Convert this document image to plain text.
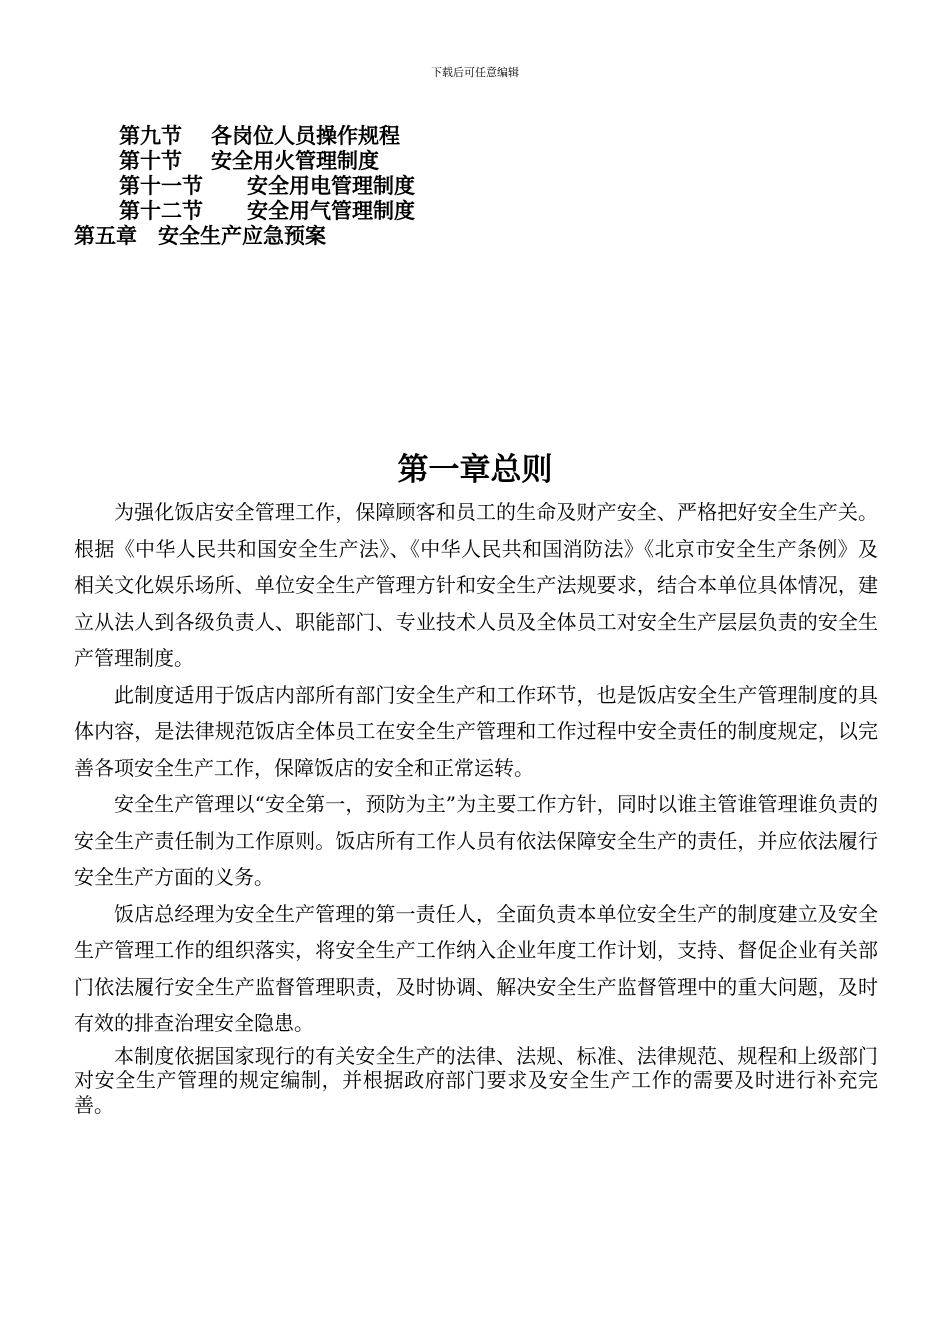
下载后可任意编辑
第九节	各岗位人员操作规程
第十节	安全用火管理制度
第十一节	安全用电管理制度
第十二节	安全用气管理制度
第五章	安全生产应急预案
第一章总则

为强化饭店安全管理工作，保障顾客和员工的生命及财产安全、严格把好安全生产关。根据《中华人民共和国安全生产法》、《中华人民共和国消防法》《北京市安全生产条例》及相关文化娱乐场所、单位安全生产管理方针和安全生产法规要求，结合本单位具体情况，建立从法人到各级负责人、职能部门、专业技术人员及全体员工对安全生产层层负责的安全生产管理制度。

此制度适用于饭店内部所有部门安全生产和工作环节，也是饭店安全生产管理制度的具体内容，是法律规范饭店全体员工在安全生产管理和工作过程中安全责任的制度规定，以完善各项安全生产工作，保障饭店的安全和正常运转。

安全生产管理以“安全第一，预防为主”为主要工作方针，同时以谁主管谁管理谁负责的安全生产责任制为工作原则。饭店所有工作人员有依法保障安全生产的责任，并应依法履行安全生产方面的义务。

饭店总经理为安全生产管理的第一责任人，全面负责本单位安全生产的制度建立及安全生产管理工作的组织落实，将安全生产工作纳入企业年度工作计划，支持、督促企业有关部门依法履行安全生产监督管理职责，及时协调、解决安全生产监督管理中的重大问题，及时有效的排查治理安全隐患。

本制度依据国家现行的有关安全生产的法律、法规、标准、法律规范、规程和上级部门对安全生产管理的规定编制，并根据政府部门要求及安全生产工作的需要及时进行补充完善。
